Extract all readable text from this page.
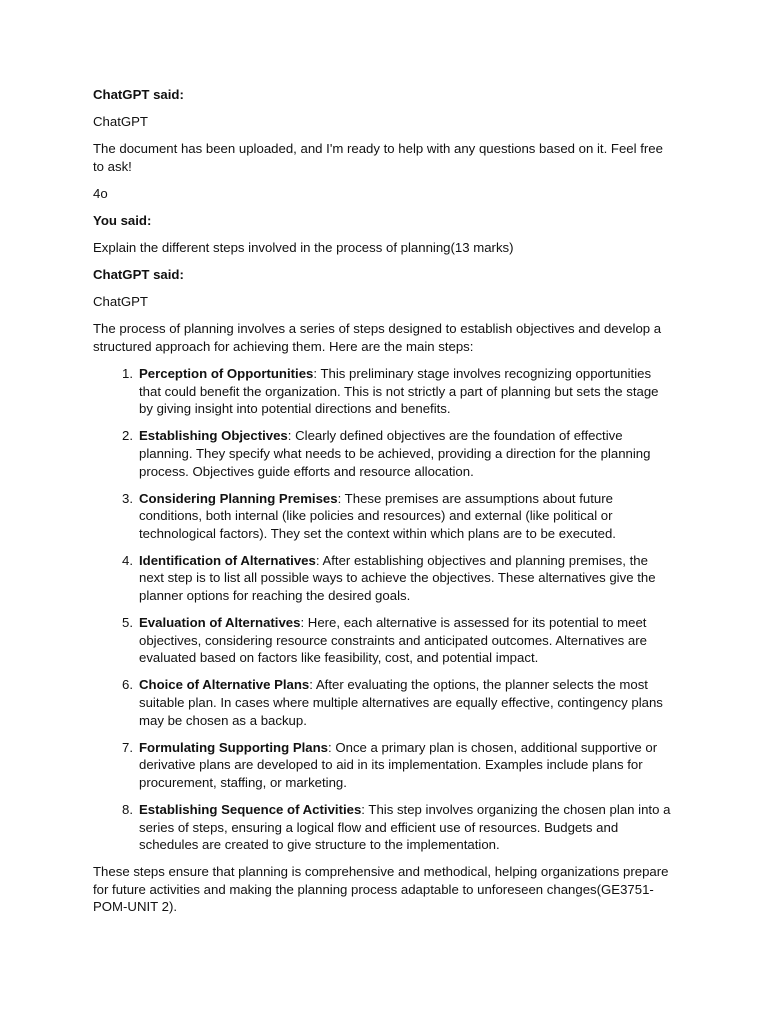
ChatGPT said:

ChatGPT

The document has been uploaded, and I'm ready to help with any questions based on it. Feel free to ask!

4o

You said:

Explain the different steps involved in the process of planning(13 marks)

ChatGPT said:

ChatGPT

The process of planning involves a series of steps designed to establish objectives and develop a structured approach for achieving them. Here are the main steps:

1. Perception of Opportunities: This preliminary stage involves recognizing opportunities that could benefit the organization. This is not strictly a part of planning but sets the stage by giving insight into potential directions and benefits.
2. Establishing Objectives: Clearly defined objectives are the foundation of effective planning. They specify what needs to be achieved, providing a direction for the planning process. Objectives guide efforts and resource allocation.
3. Considering Planning Premises: These premises are assumptions about future conditions, both internal (like policies and resources) and external (like political or technological factors). They set the context within which plans are to be executed.
4. Identification of Alternatives: After establishing objectives and planning premises, the next step is to list all possible ways to achieve the objectives. These alternatives give the planner options for reaching the desired goals.
5. Evaluation of Alternatives: Here, each alternative is assessed for its potential to meet objectives, considering resource constraints and anticipated outcomes. Alternatives are evaluated based on factors like feasibility, cost, and potential impact.
6. Choice of Alternative Plans: After evaluating the options, the planner selects the most suitable plan. In cases where multiple alternatives are equally effective, contingency plans may be chosen as a backup.
7. Formulating Supporting Plans: Once a primary plan is chosen, additional supportive or derivative plans are developed to aid in its implementation. Examples include plans for procurement, staffing, or marketing.
8. Establishing Sequence of Activities: This step involves organizing the chosen plan into a series of steps, ensuring a logical flow and efficient use of resources. Budgets and schedules are created to give structure to the implementation.

These steps ensure that planning is comprehensive and methodical, helping organizations prepare for future activities and making the planning process adaptable to unforeseen changes(GE3751-POM-UNIT 2).
